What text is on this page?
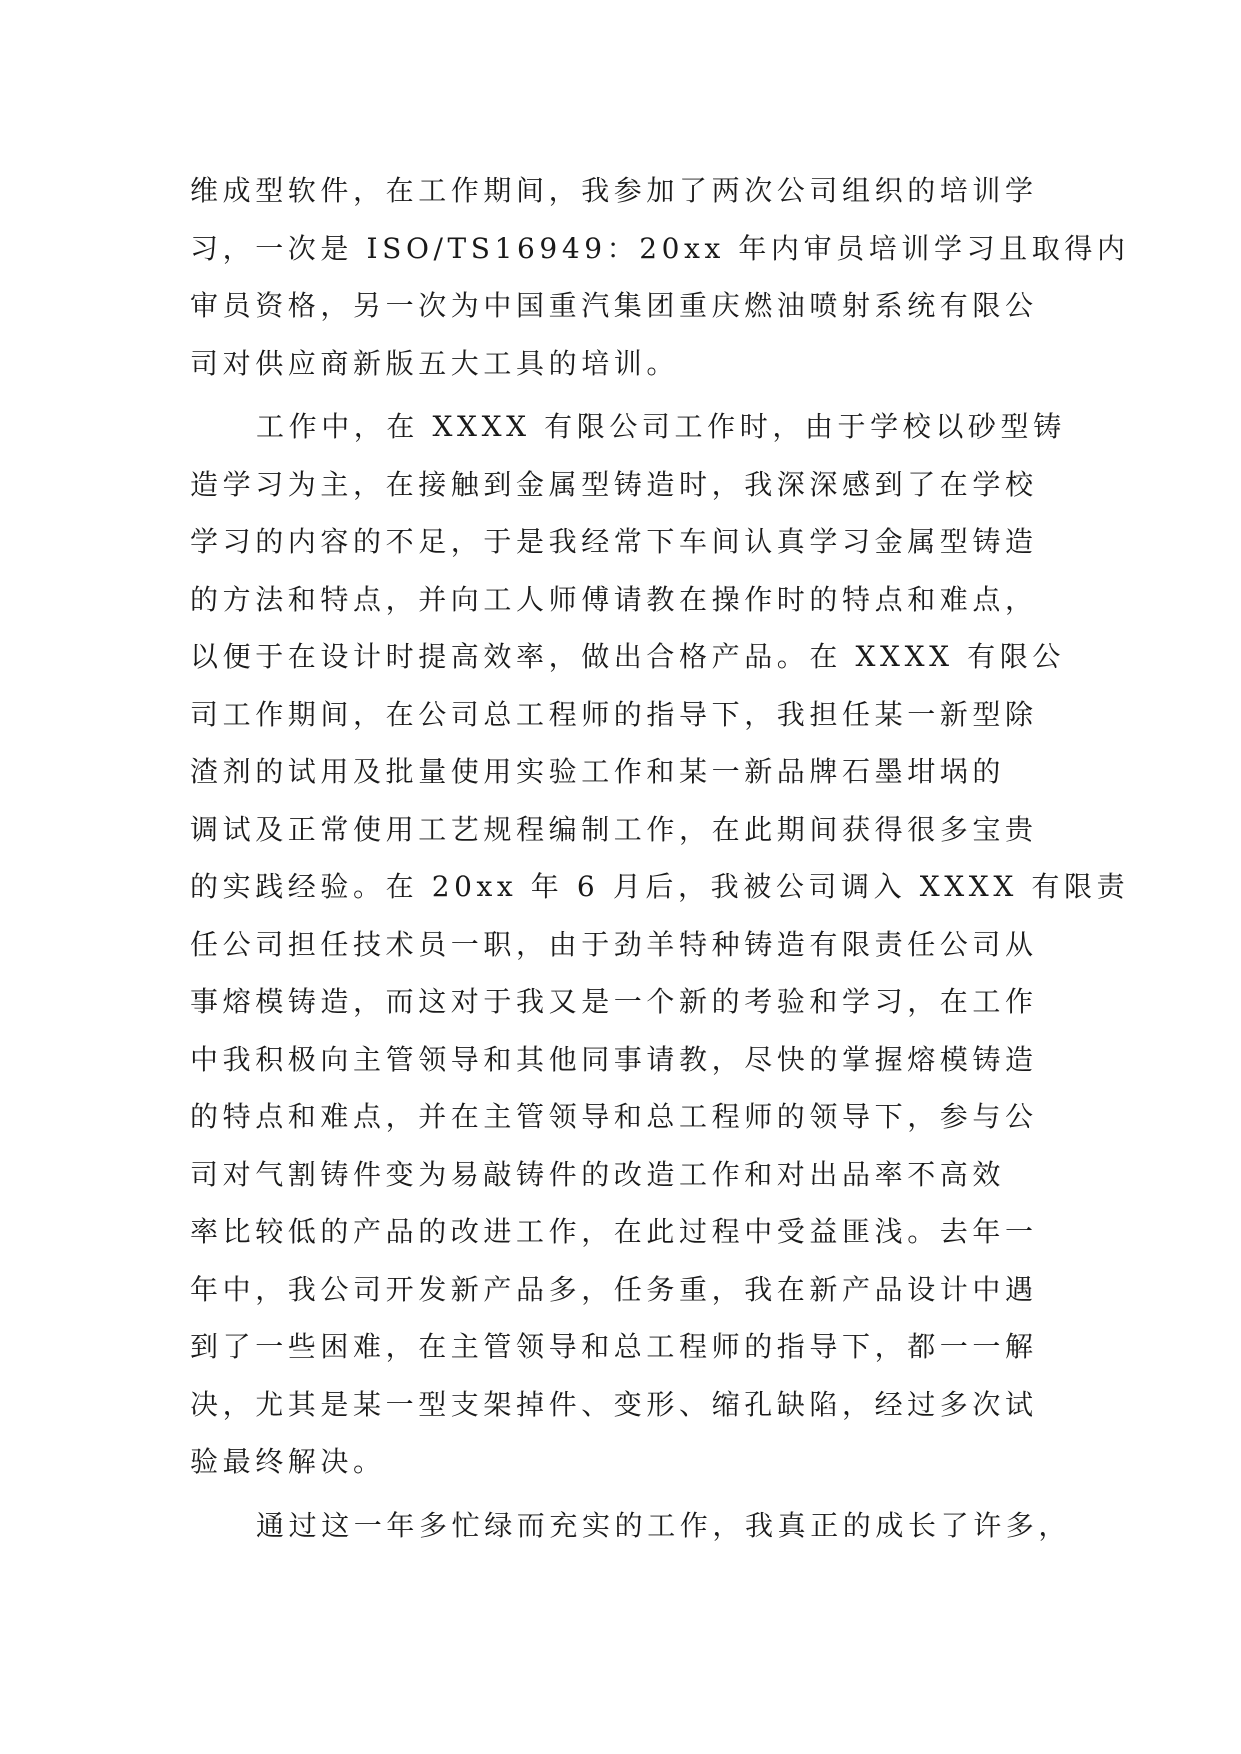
维成型软件，在工作期间，我参加了两次公司组织的培训学
习，一次是 ISO/TS16949：20xx 年内审员培训学习且取得内
审员资格，另一次为中国重汽集团重庆燃油喷射系统有限公
司对供应商新版五大工具的培训。
工作中，在 XXXX 有限公司工作时，由于学校以砂型铸
造学习为主，在接触到金属型铸造时，我深深感到了在学校
学习的内容的不足，于是我经常下车间认真学习金属型铸造
的方法和特点，并向工人师傅请教在操作时的特点和难点，
以便于在设计时提高效率，做出合格产品。在 XXXX 有限公
司工作期间，在公司总工程师的指导下，我担任某一新型除
渣剂的试用及批量使用实验工作和某一新品牌石墨坩埚的
调试及正常使用工艺规程编制工作，在此期间获得很多宝贵
的实践经验。在 20xx 年 6 月后，我被公司调入 XXXX 有限责
任公司担任技术员一职，由于劲羊特种铸造有限责任公司从
事熔模铸造，而这对于我又是一个新的考验和学习，在工作
中我积极向主管领导和其他同事请教，尽快的掌握熔模铸造
的特点和难点，并在主管领导和总工程师的领导下，参与公
司对气割铸件变为易敲铸件的改造工作和对出品率不高效
率比较低的产品的改进工作，在此过程中受益匪浅。去年一
年中，我公司开发新产品多，任务重，我在新产品设计中遇
到了一些困难，在主管领导和总工程师的指导下，都一一解
决，尤其是某一型支架掉件、变形、缩孔缺陷，经过多次试
验最终解决。
通过这一年多忙绿而充实的工作，我真正的成长了许多，
